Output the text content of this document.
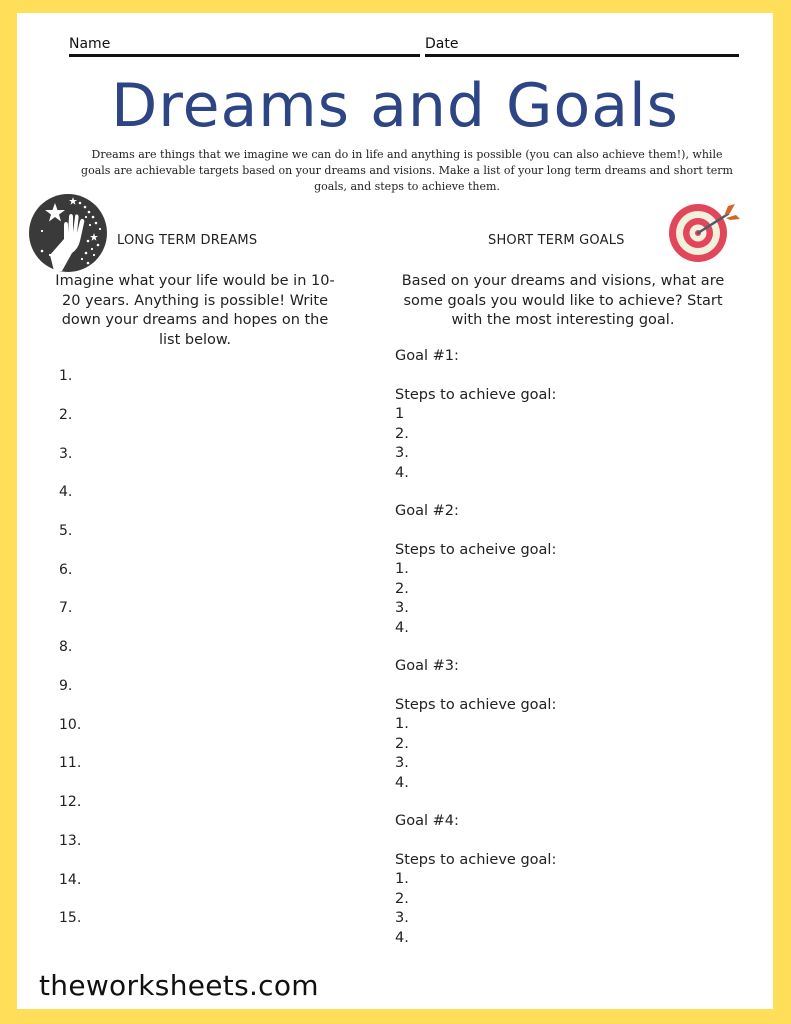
Name	Date
Dreams and Goals
Dreams are things that we imagine we can do in life and anything is possible (you can also achieve them!), while goals are achievable targets based on your dreams and visions. Make a list of your long term dreams and short term goals, and steps to achieve them.
LONG TERM DREAMS
Imagine what your life would be in 10-20 years. Anything is possible! Write down your dreams and hopes on the list below.
1.
2.
3.
4.
5.
6.
7.
8.
9.
10.
11.
12.
13.
14.
15.
SHORT TERM GOALS
Based on your dreams and visions, what are some goals you would like to achieve? Start with the most interesting goal.
Goal #1:
Steps to achieve goal:
1
2.
3.
4.
Goal #2:
Steps to acheive goal:
1.
2.
3.
4.
Goal #3:
Steps to achieve goal:
1.
2.
3.
4.
Goal #4:
Steps to achieve goal:
1.
2.
3.
4.
theworksheets.com
